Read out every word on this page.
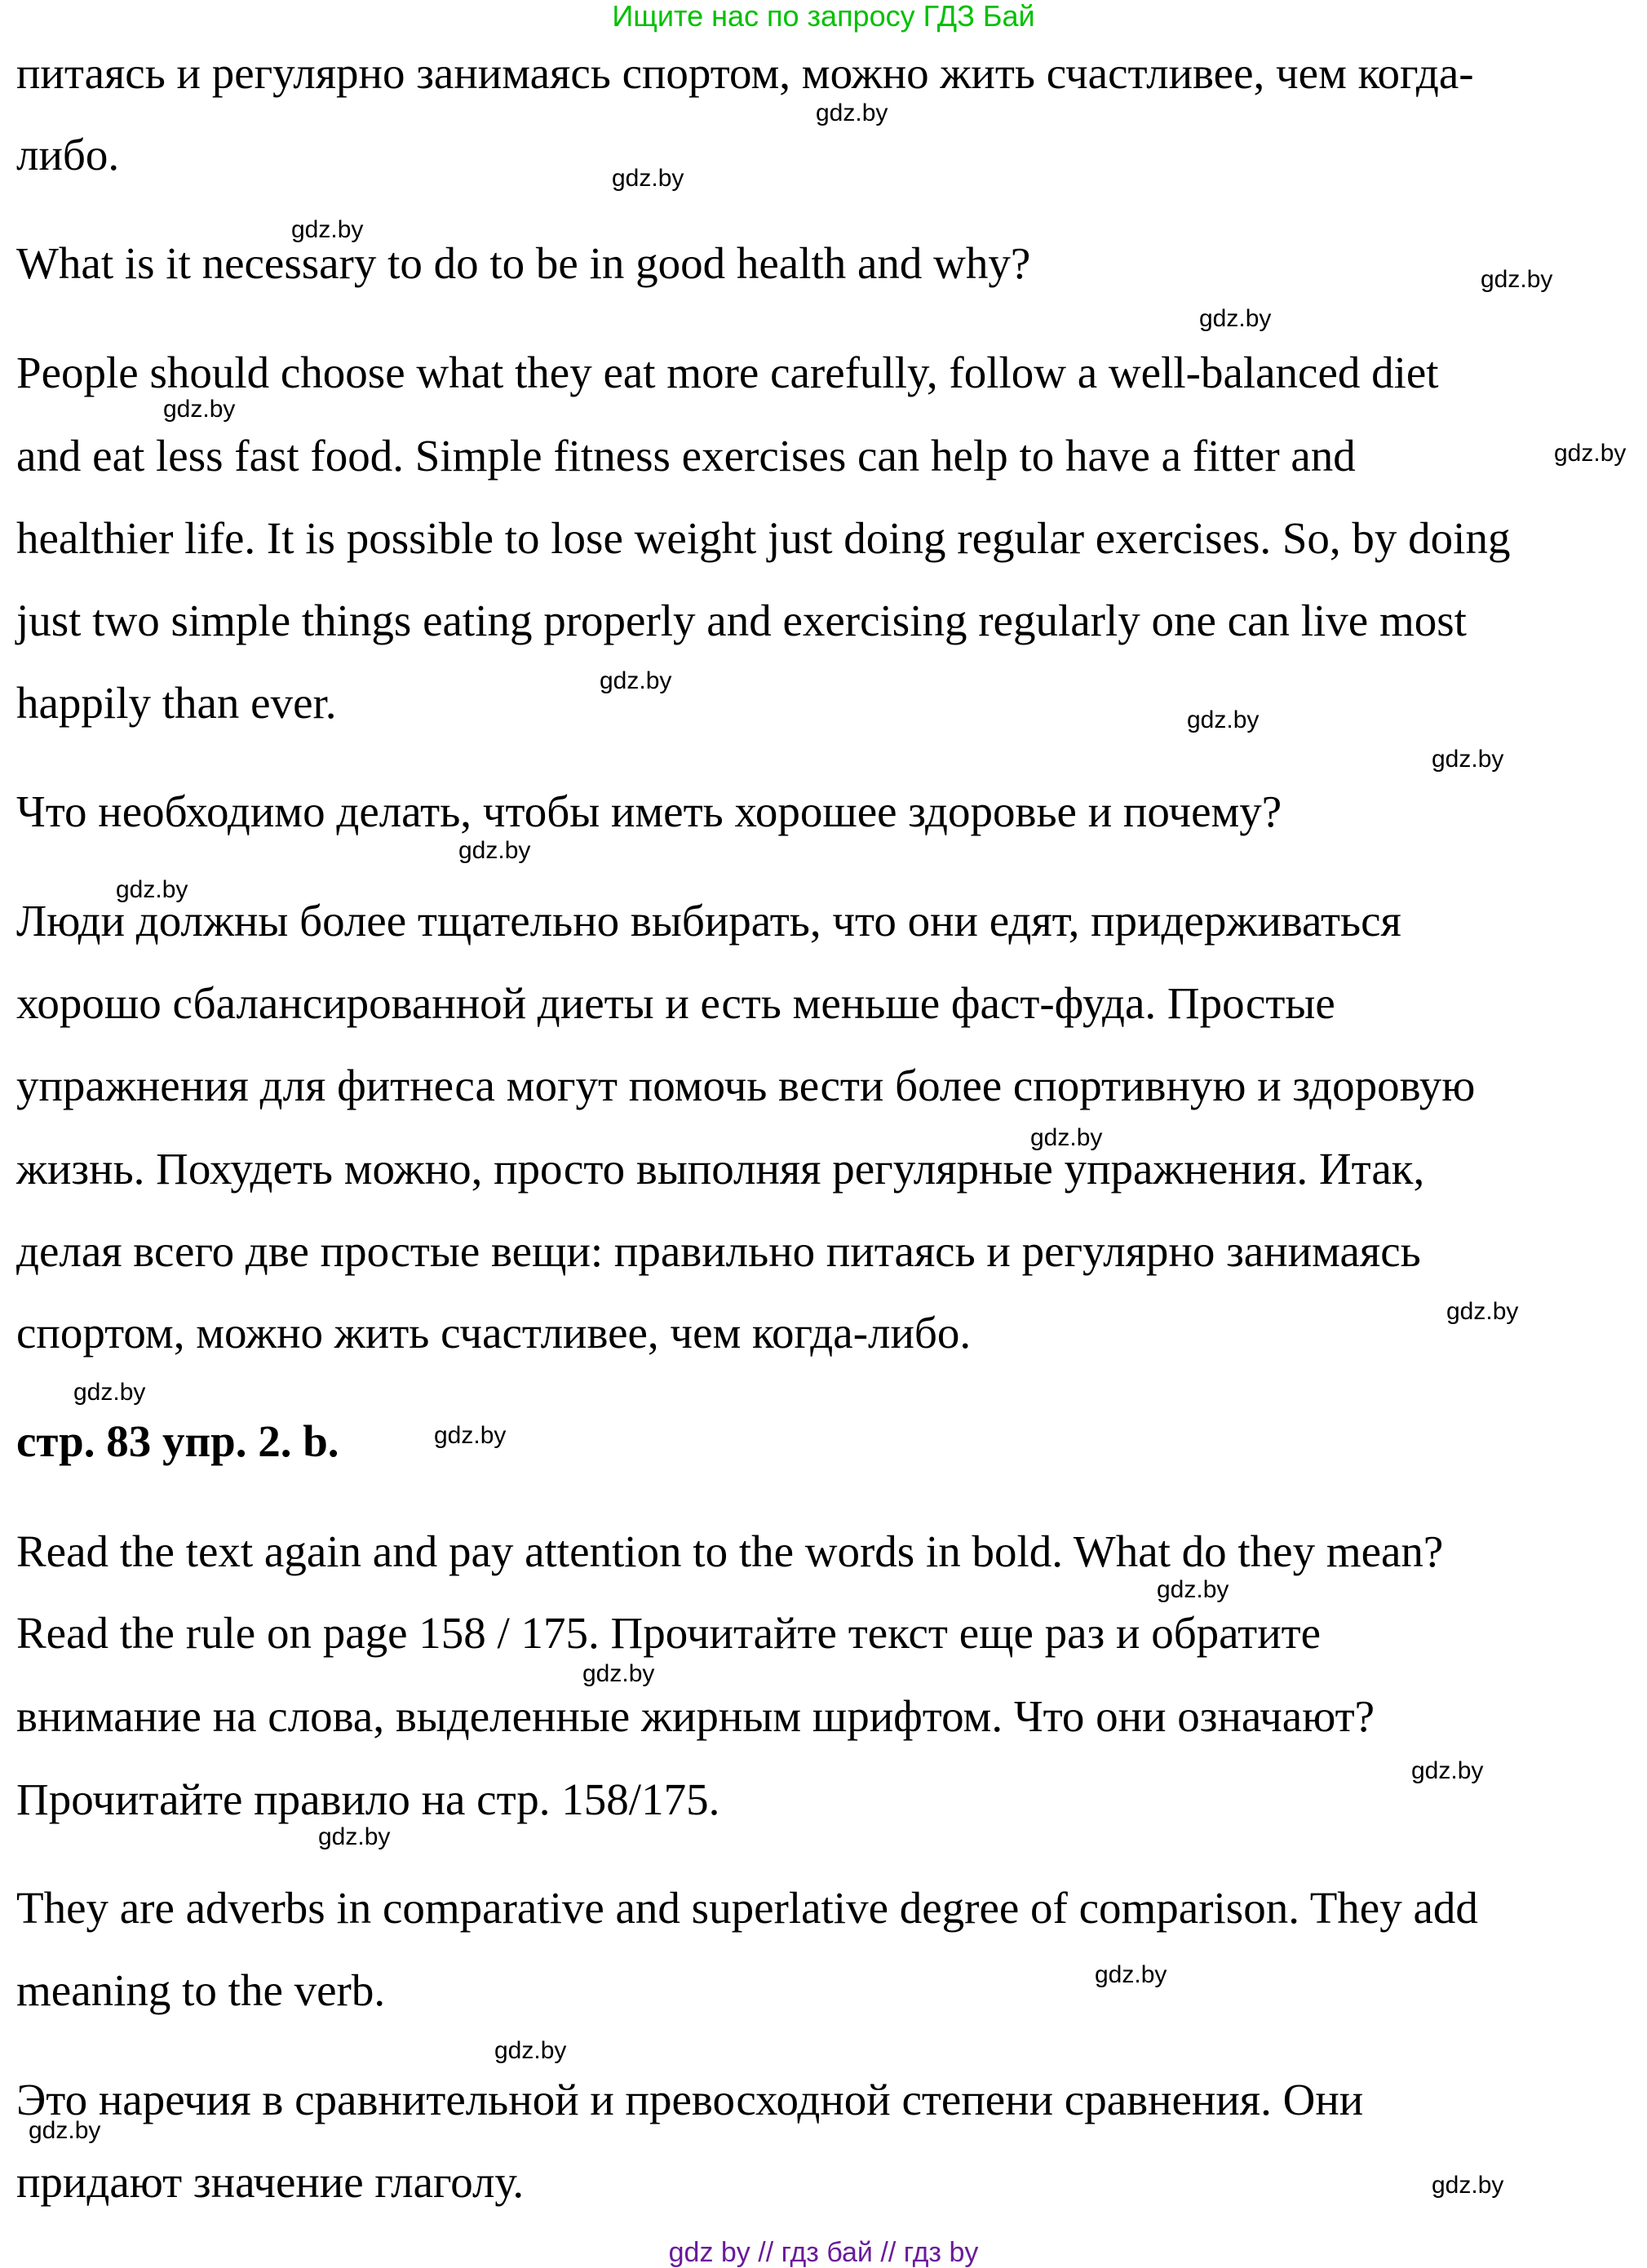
Ищите нас по запросу ГДЗ Бай
питаясь и регулярно занимаясь спортом, можно жить счастливее, чем когда-
либо.
What is it necessary to do to be in good health and why?
People should choose what they eat more carefully, follow a well-balanced diet
and eat less fast food. Simple fitness exercises can help to have a fitter and
healthier life. It is possible to lose weight just doing regular exercises. So, by doing
just two simple things eating properly and exercising regularly one can live most
happily than ever.
Что необходимо делать, чтобы иметь хорошее здоровье и почему?
Люди должны более тщательно выбирать, что они едят, придерживаться
хорошо сбалансированной диеты и есть меньше фаст-фуда. Простые
упражнения для фитнеса могут помочь вести более спортивную и здоровую
жизнь. Похудеть можно, просто выполняя регулярные упражнения. Итак,
делая всего две простые вещи: правильно питаясь и регулярно занимаясь
спортом, можно жить счастливее, чем когда-либо.
стр. 83 упр. 2. b.
Read the text again and pay attention to the words in bold. What do they mean?
Read the rule on page 158 / 175. Прочитайте текст еще раз и обратите
внимание на слова, выделенные жирным шрифтом. Что они означают?
Прочитайте правило на стр. 158/175.
They are adverbs in comparative and superlative degree of comparison. They add
meaning to the verb.
Это наречия в сравнительной и превосходной степени сравнения. Они
придают значение глаголу.
gdz.by
gdz.by
gdz.by
gdz.by
gdz.by
gdz.by
gdz.by
gdz.by
gdz.by
gdz.by
gdz.by
gdz.by
gdz.by
gdz.by
gdz.by
gdz.by
gdz.by
gdz.by
gdz.by
gdz.by
gdz.by
gdz.by
gdz.by
gdz.by
gdz by // гдз бай // гдз by
